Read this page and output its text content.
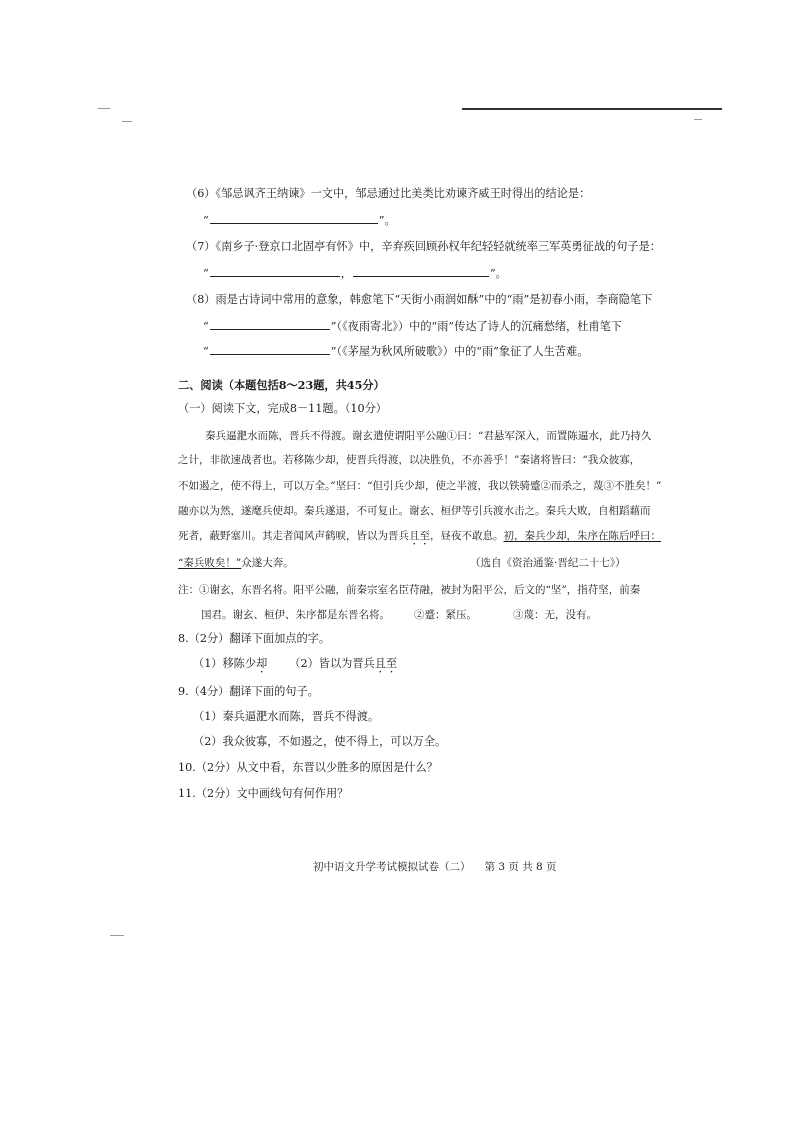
（6）《邹忌讽齐王纳谏》一文中，邹忌通过比美类比劝谏齐威王时得出的结论是：
“	”。
（7）《南乡子·登京口北固亭有怀》中，辛弃疾回顾孙权年纪轻轻就统率三军英勇征战的句子是：
“	，	”。
（8）雨是古诗词中常用的意象，韩愈笔下“天街小雨润如酥”中的“雨”是初春小雨，李商隐笔下
“	”（《夜雨寄北》）中的“雨”传达了诗人的沉痛愁绪，杜甫笔下
“	”（《茅屋为秋风所破歌》）中的“雨”象征了人生苦难。
二、阅读（本题包括8～23题，共45分）
（一）阅读下文，完成8－11题。（10分）
秦兵逼淝水而陈，晋兵不得渡。谢玄遣使谓阳平公融①曰：“君悬军深入，而置陈逼水，此乃持久
之计，非欲速战者也。若移陈少却，使晋兵得渡，以决胜负，不亦善乎！”秦诸将皆曰：“我众彼寡，
不如遏之，使不得上，可以万全。”坚曰：“但引兵少却，使之半渡，我以铁骑蹙②而杀之，蔑③不胜矣！”
融亦以为然，遂麾兵使却。秦兵遂退，不可复止。谢玄、桓伊等引兵渡水击之。秦兵大败，自相蹈藉而
死者，蔽野塞川。其走者闻风声鹤唳，皆以为晋兵且至，昼夜不敢息。初，秦兵少却，朱序在陈后呼曰：
“秦兵败矣！”众遂大奔。	（选自《资治通鉴·晋纪二十七》）
注：①谢玄，东晋名将。阳平公融，前秦宗室名臣苻融，被封为阳平公，后文的“坚”，指苻坚，前秦
国君。谢玄、桓伊、朱序都是东晋名将。 ②蹙：紧压。	③蔑：无，没有。
8.（2分）翻译下面加点的字。
（1）移陈少却 （2）皆以为晋兵且至
9.（4分）翻译下面的句子。
（1）秦兵逼淝水而陈，晋兵不得渡。
（2）我众彼寡，不如遏之，使不得上，可以万全。
10.（2分）从文中看，东晋以少胜多的原因是什么？
11.（2分）文中画线句有何作用？
初中语文升学考试模拟试卷（二） 第 3 页 共 8 页
